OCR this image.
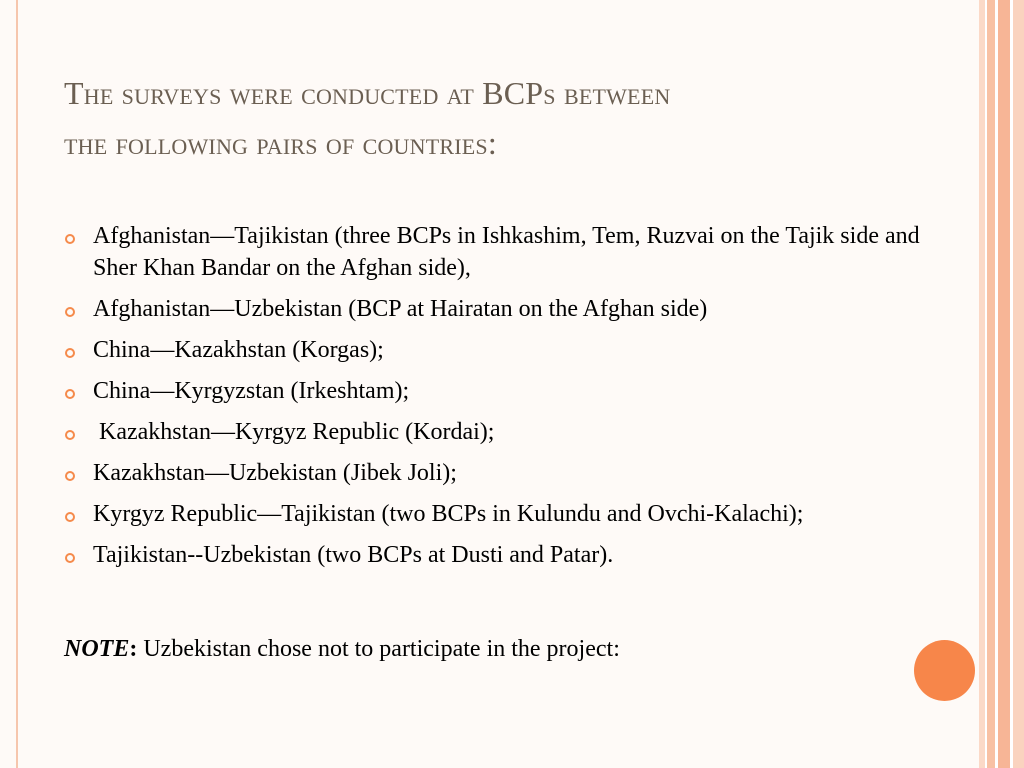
The surveys were conducted at BCPs between
the following pairs of countries:
Afghanistan—Tajikistan (three BCPs in Ishkashim, Tem, Ruzvai on the Tajik side and Sher Khan Bandar on the Afghan side),
Afghanistan—Uzbekistan (BCP at Hairatan on the Afghan side)
China—Kazakhstan (Korgas);
China—Kyrgyzstan (Irkeshtam);
Kazakhstan—Kyrgyz Republic (Kordai);
Kazakhstan—Uzbekistan (Jibek Joli);
Kyrgyz Republic—Tajikistan (two BCPs in Kulundu and Ovchi-Kalachi);
Tajikistan--Uzbekistan (two BCPs at Dusti and Patar).
NOTE: Uzbekistan chose not to participate in the project:
